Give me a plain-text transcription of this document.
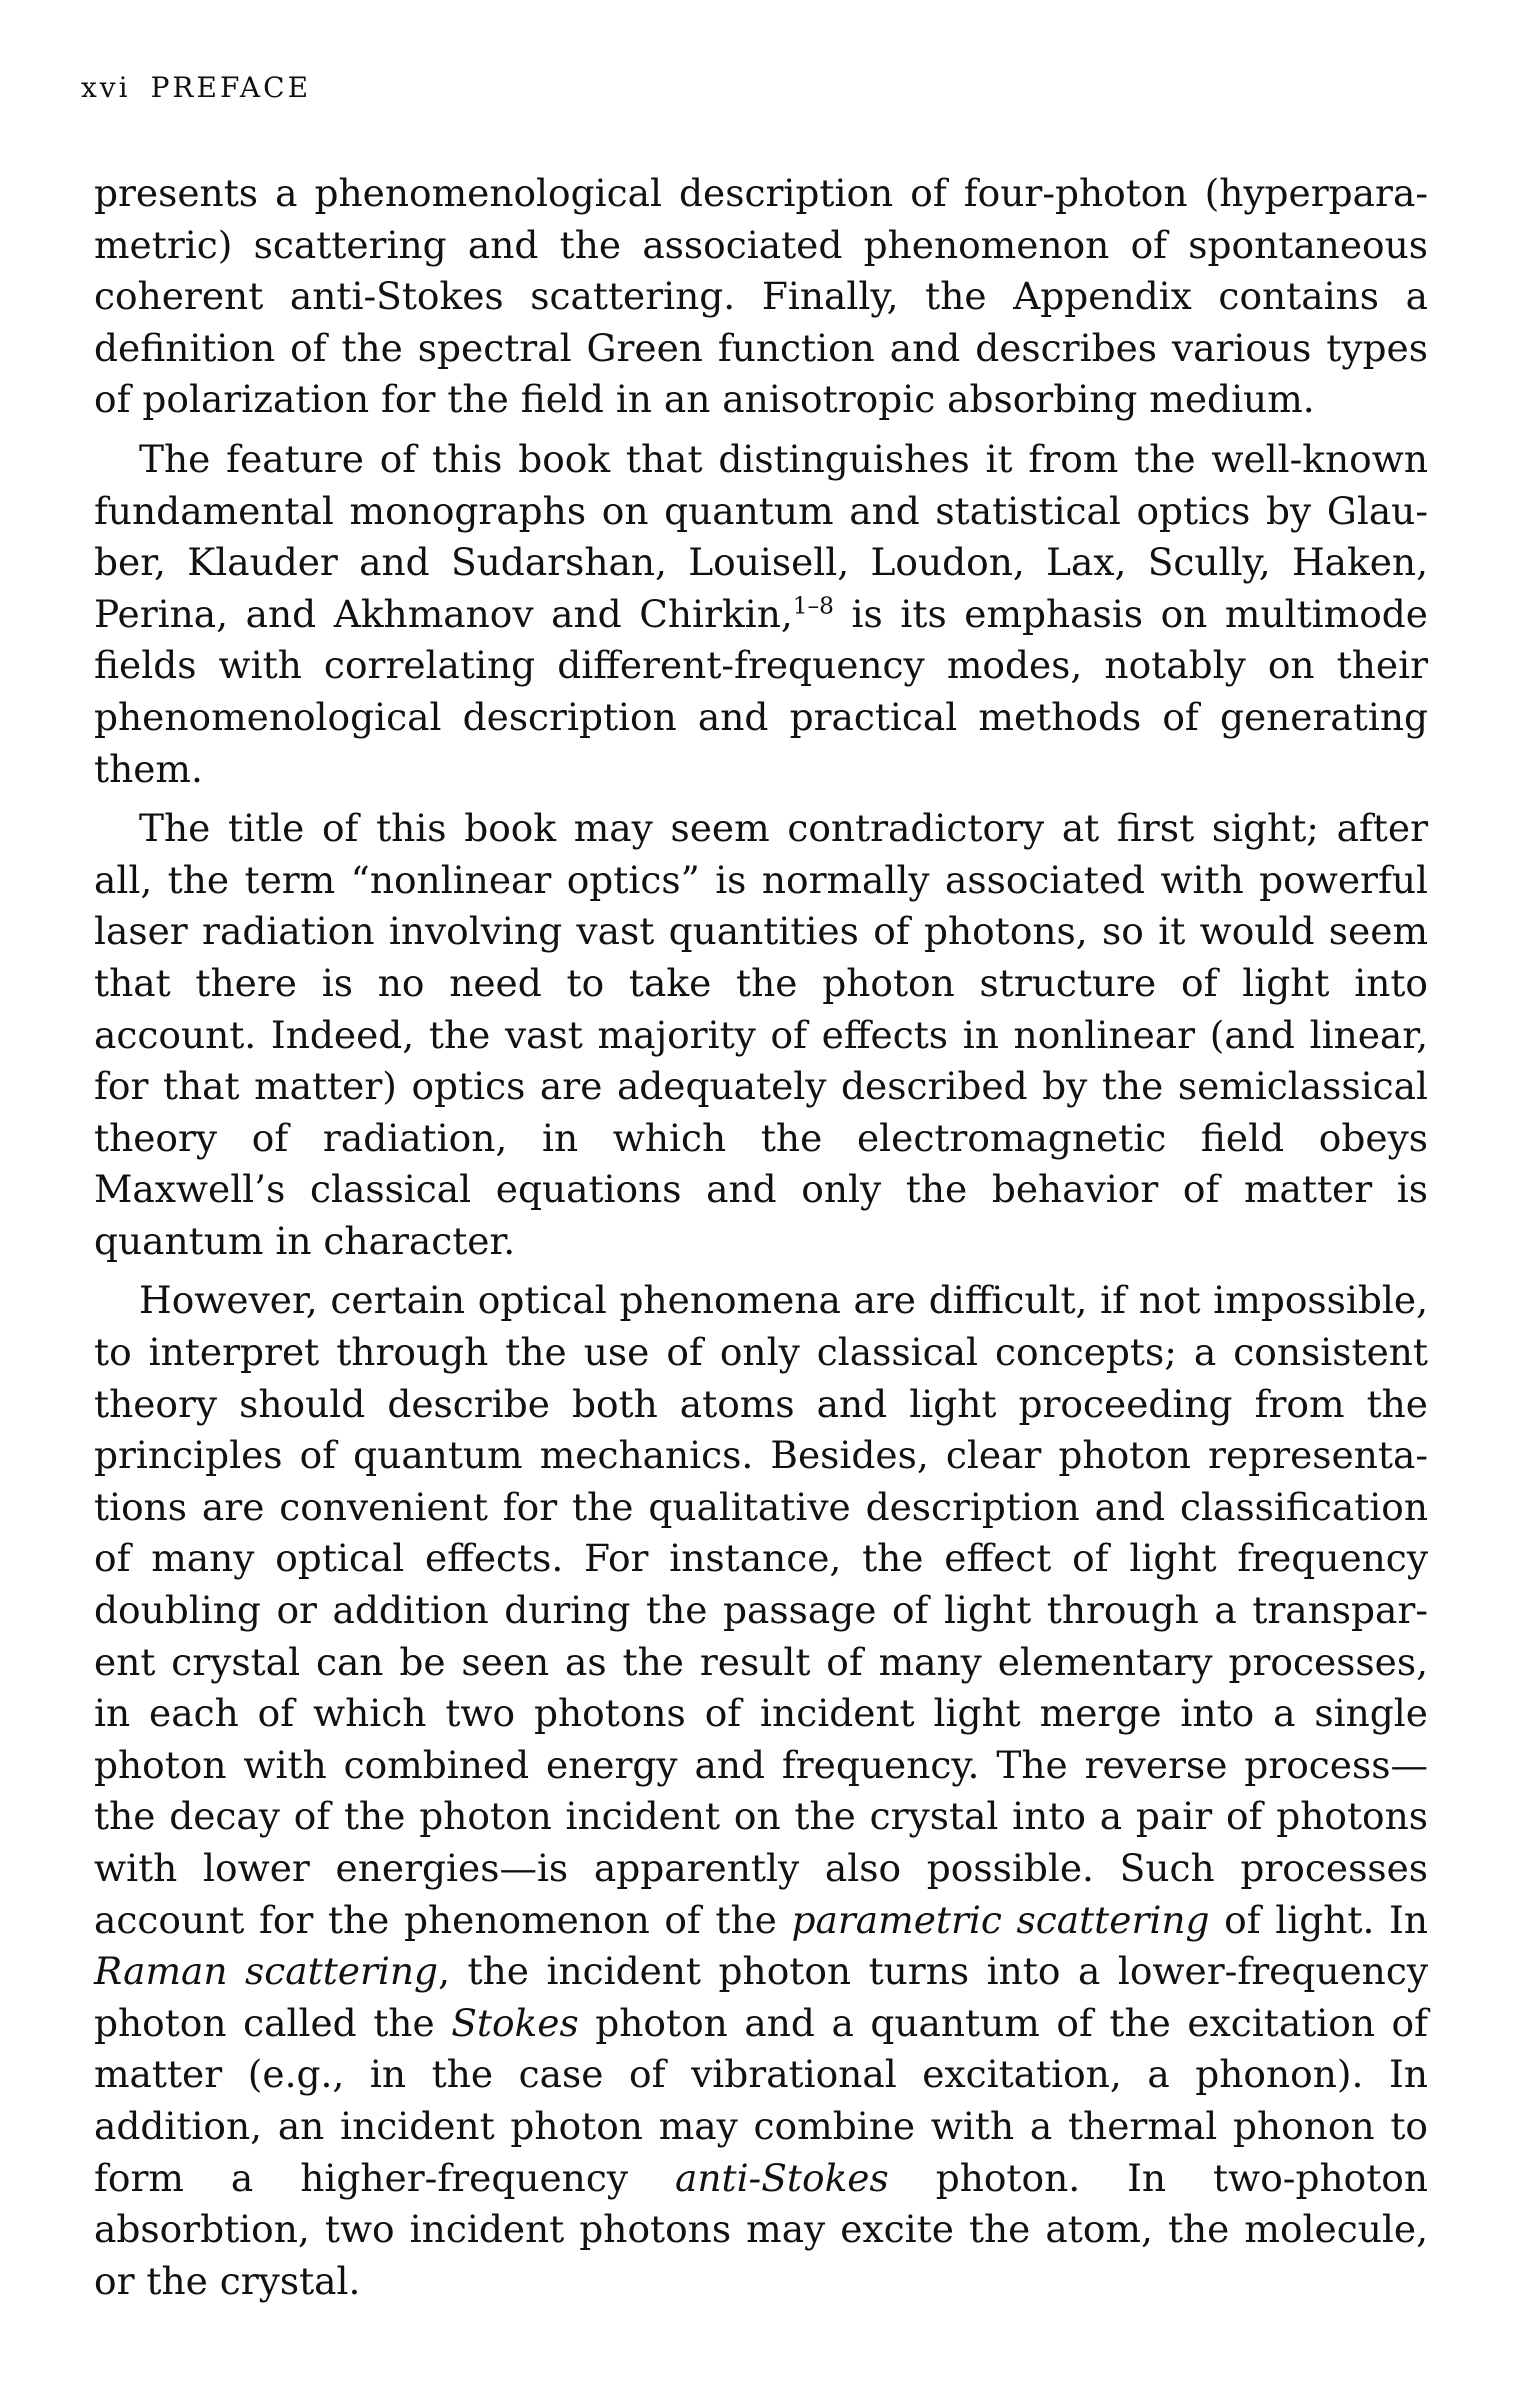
xvi PREFACE

presents a phenomenological description of four-photon (hyperparametric) scattering and the associated phenomenon of spontaneous coherent anti-Stokes scattering. Finally, the Appendix contains a definition of the spectral Green function and describes various types of polarization for the field in an anisotropic absorbing medium.

The feature of this book that distinguishes it from the well-known fundamental monographs on quantum and statistical optics by Glauber, Klauder and Sudarshan, Louisell, Loudon, Lax, Scully, Haken, Perina, and Akhmanov and Chirkin,$^{1-8}$ is its emphasis on multimode fields with correlating different-frequency modes, notably on their phenomenological description and practical methods of generating them.

The title of this book may seem contradictory at first sight; after all, the term “nonlinear optics” is normally associated with powerful laser radiation involving vast quantities of photons, so it would seem that there is no need to take the photon structure of light into account. Indeed, the vast majority of effects in nonlinear (and linear, for that matter) optics are adequately described by the semiclassical theory of radiation, in which the electromagnetic field obeys Maxwell’s classical equations and only the behavior of matter is quantum in character.

However, certain optical phenomena are difficult, if not impossible, to interpret through the use of only classical concepts; a consistent theory should describe both atoms and light proceeding from the principles of quantum mechanics. Besides, clear photon representations are convenient for the qualitative description and classification of many optical effects. For instance, the effect of light frequency doubling or addition during the passage of light through a transparent crystal can be seen as the result of many elementary processes, in each of which two photons of incident light merge into a single photon with combined energy and frequency. The reverse process—the decay of the photon incident on the crystal into a pair of photons with lower energies—is apparently also possible. Such processes account for the phenomenon of the parametric scattering of light. In Raman scattering, the incident photon turns into a lower-frequency photon called the Stokes photon and a quantum of the excitation of matter (e.g., in the case of vibrational excitation, a phonon). In addition, an incident photon may combine with a thermal phonon to form a higher-frequency anti-Stokes photon. In two-photon absorbtion, two incident photons may excite the atom, the molecule, or the crystal.
